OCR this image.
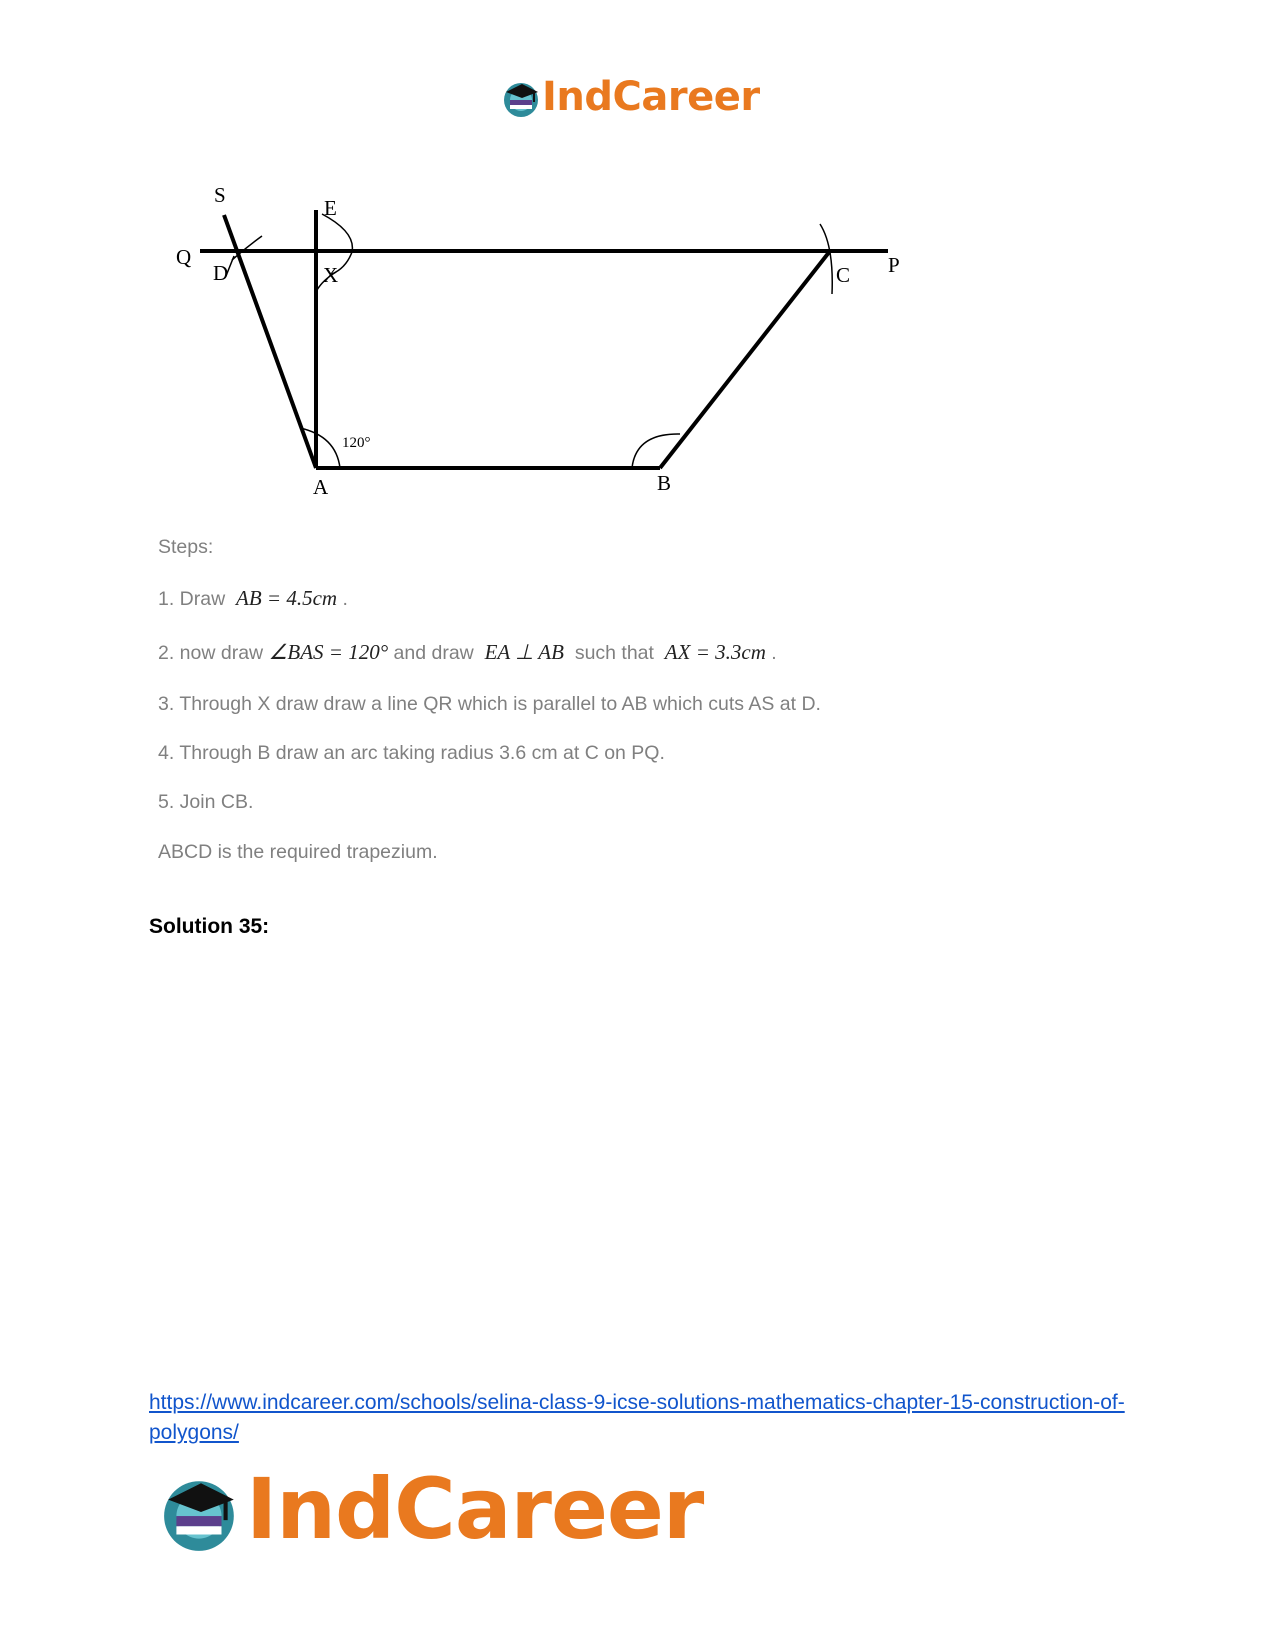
IndCareer
S
E
Q
D	X	C P
A	B
120°
Steps:
1. Draw AB = 4.5cm .
2. now draw ∠BAS = 120° and draw EA ⊥ AB such that AX = 3.3cm .
3. Through X draw draw a line QR which is parallel to AB which cuts AS at D.
4. Through B draw an arc taking radius 3.6 cm at C on PQ.
5. Join CB.
ABCD is the required trapezium.
Solution 35:
https://www.indcareer.com/schools/selina-class-9-icse-solutions-mathematics-chapter-15-construction-of-polygons/
IndCareer
